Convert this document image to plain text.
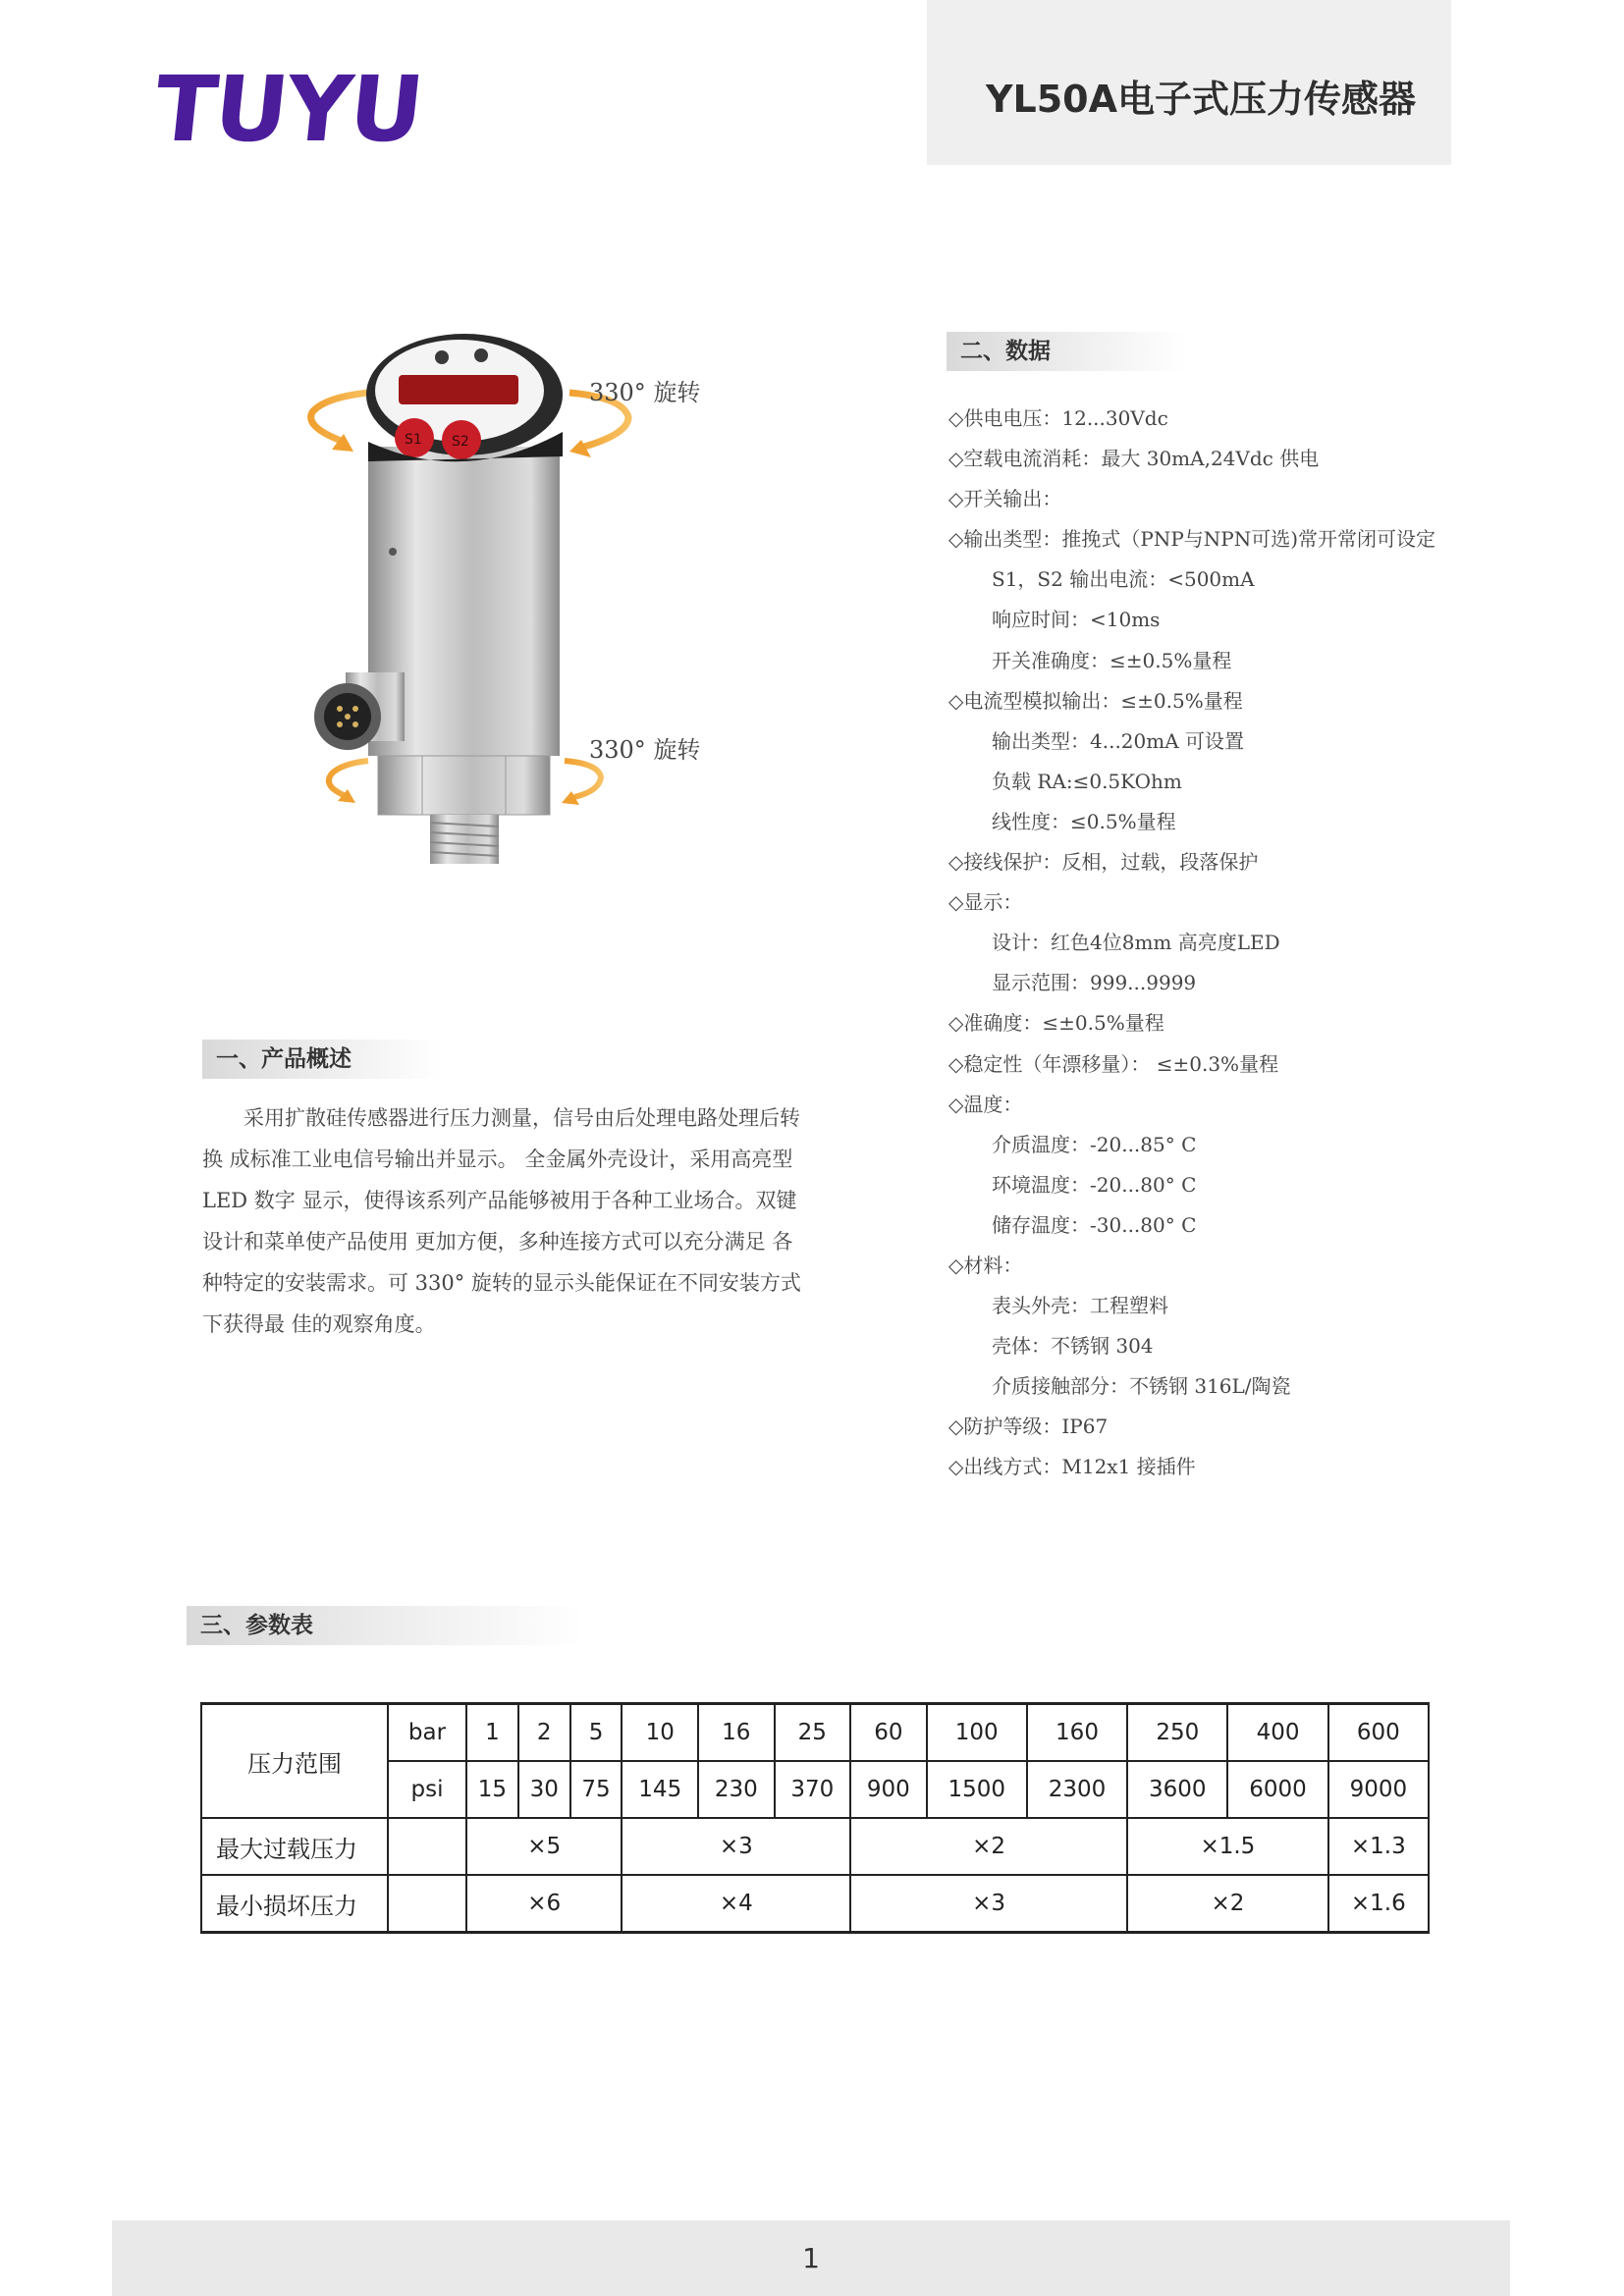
TUYU	YL50A电子式压力传感器
S1 S2
330° 旋转
330° 旋转
一、产品概述

采用扩散硅传感器进行压力测量，信号由后处理电路处理后转换 成标准工业电信号输出并显示。 全金属外壳设计，采用高亮型 LED 数字 显示，使得该系列产品能够被用于各种工业场合。双键设计和菜单使产品使用 更加方便，多种连接方式可以充分满足 各种特定的安装需求。可 330° 旋转的显示头能保证在不同安装方式下获得最 佳的观察角度。

二、数据
◇供电电压：12...30Vdc
◇空载电流消耗：最大 30mA,24Vdc 供电
◇开关输出：
◇输出类型：推挽式（PNP与NPN可选)常开常闭可设定
S1，S2 输出电流：<500mA
响应时间：<10ms
开关准确度：≤±0.5%量程
◇电流型模拟输出：≤±0.5%量程
输出类型：4...20mA 可设置
负载 RA:≤0.5KOhm
线性度：≤0.5%量程
◇接线保护：反相，过载，段落保护
◇显示：
设计：红色4位8mm 高亮度LED
显示范围：999...9999
◇准确度：≤±0.5%量程
◇稳定性（年漂移量）： ≤±0.3%量程
◇温度：
介质温度：-20...85° C
环境温度：-20...80° C
储存温度：-30...80° C
◇材料：
表头外壳：工程塑料
壳体：不锈钢 304
介质接触部分：不锈钢 316L/陶瓷
◇防护等级：IP67
◇出线方式：M12x1 接插件
三、参数表
压力范围	bar	1	2	5	10	16	25	60	100	160	250	400	600
	psi	15	30	75	145	230	370	900	1500	2300	3600	6000	9000
最大过载压力		×5			×3			×2			×1.5		×1.3
最小损坏压力		×6			×4			×3			×2		×1.6
1
